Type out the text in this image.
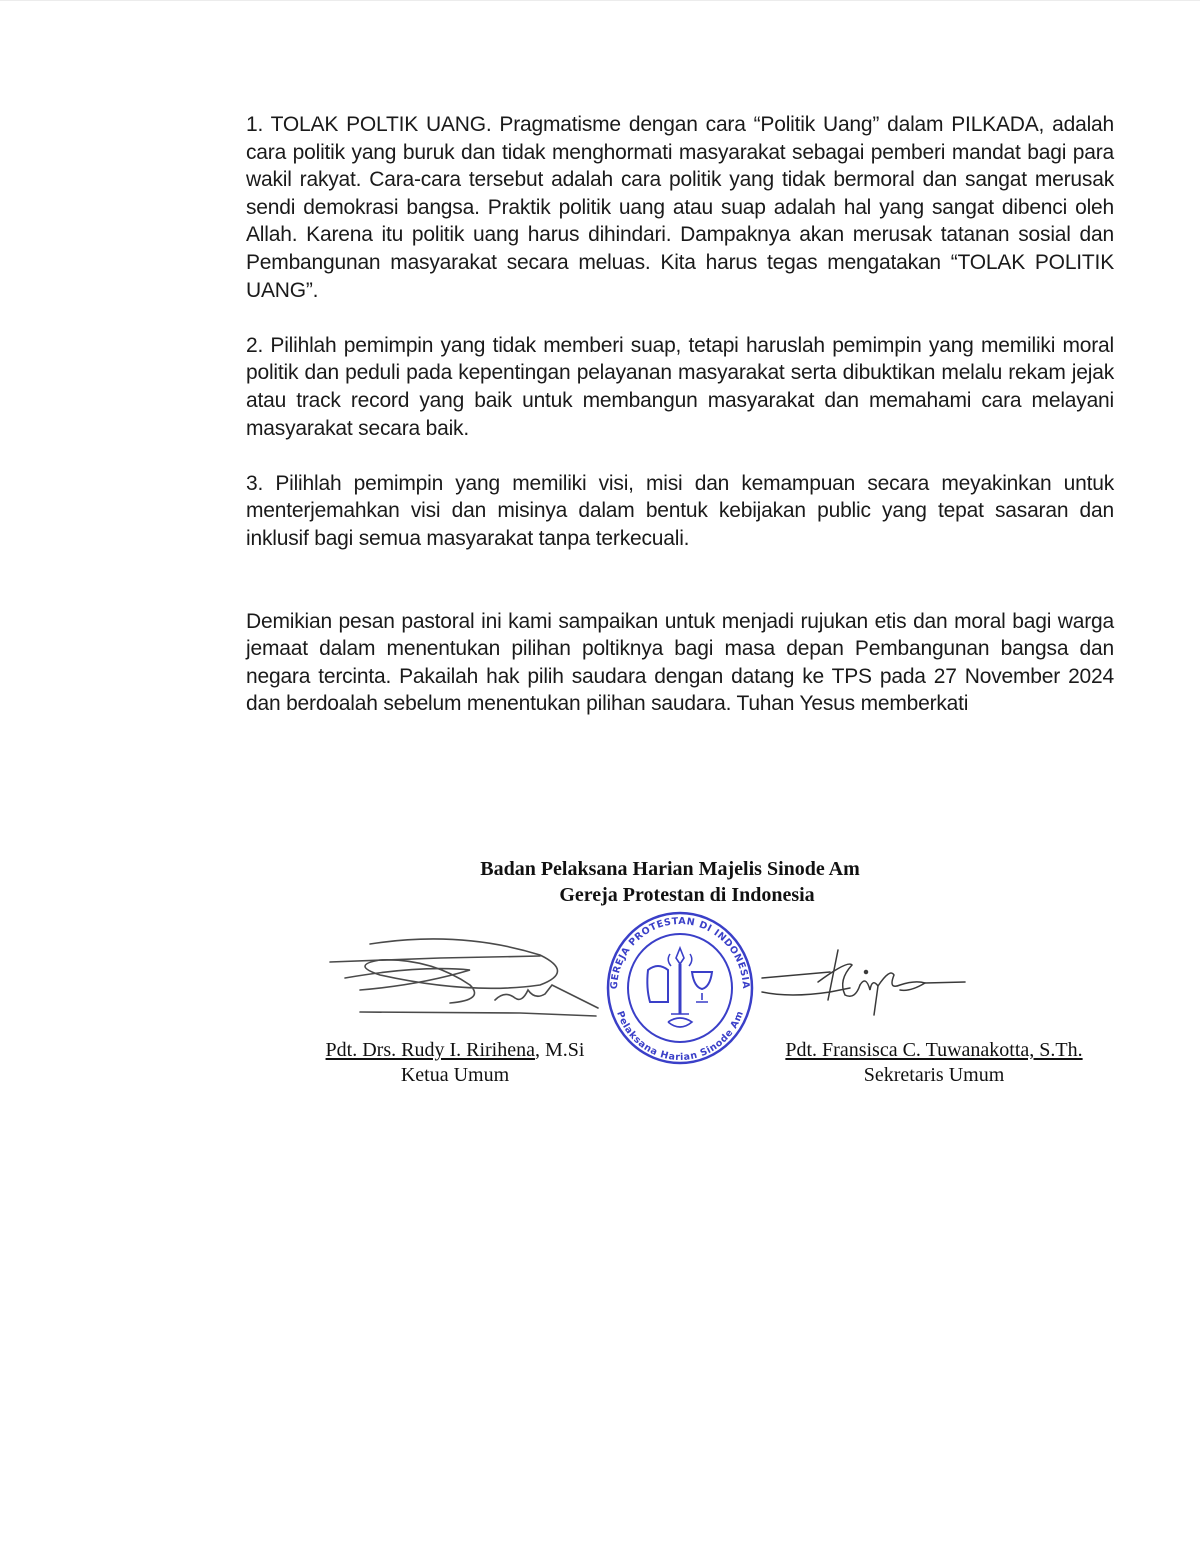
1. TOLAK POLTIK UANG. Pragmatisme dengan cara “Politik Uang” dalam PILKADA, adalah cara politik yang buruk dan tidak menghormati masyarakat sebagai pemberi mandat bagi para wakil rakyat. Cara-cara tersebut adalah cara politik yang tidak bermoral dan sangat merusak sendi demokrasi bangsa. Praktik politik uang atau suap adalah hal yang sangat dibenci oleh Allah. Karena itu politik uang harus dihindari. Dampaknya akan merusak tatanan sosial dan Pembangunan masyarakat secara meluas. Kita harus tegas mengatakan “TOLAK POLITIK UANG”.

2. Pilihlah pemimpin yang tidak memberi suap, tetapi haruslah pemimpin yang memiliki moral politik dan peduli pada kepentingan pelayanan masyarakat serta dibuktikan melalu rekam jejak atau track record yang baik untuk membangun masyarakat dan memahami cara melayani masyarakat secara baik.

3. Pilihlah pemimpin yang memiliki visi, misi dan kemampuan secara meyakinkan untuk menterjemahkan visi dan misinya dalam bentuk kebijakan public yang tepat sasaran dan inklusif bagi semua masyarakat tanpa terkecuali.

Demikian pesan pastoral ini kami sampaikan untuk menjadi rujukan etis dan moral bagi warga jemaat dalam menentukan pilihan poltiknya bagi masa depan Pembangunan bangsa dan negara tercinta. Pakailah hak pilih saudara dengan datang ke TPS pada 27 November 2024 dan berdoalah sebelum menentukan pilihan saudara. Tuhan Yesus memberkati

Badan Pelaksana Harian Majelis Sinode Am
Gereja Protestan di Indonesia
GEREJA PROTESTAN DI INDONESIA
Pelaksana Harian Sinode Am
Pdt. Drs. Rudy I. Ririhena, M.Si
Ketua Umum
Pdt. Fransisca C. Tuwanakotta, S.Th.
Sekretaris Umum
